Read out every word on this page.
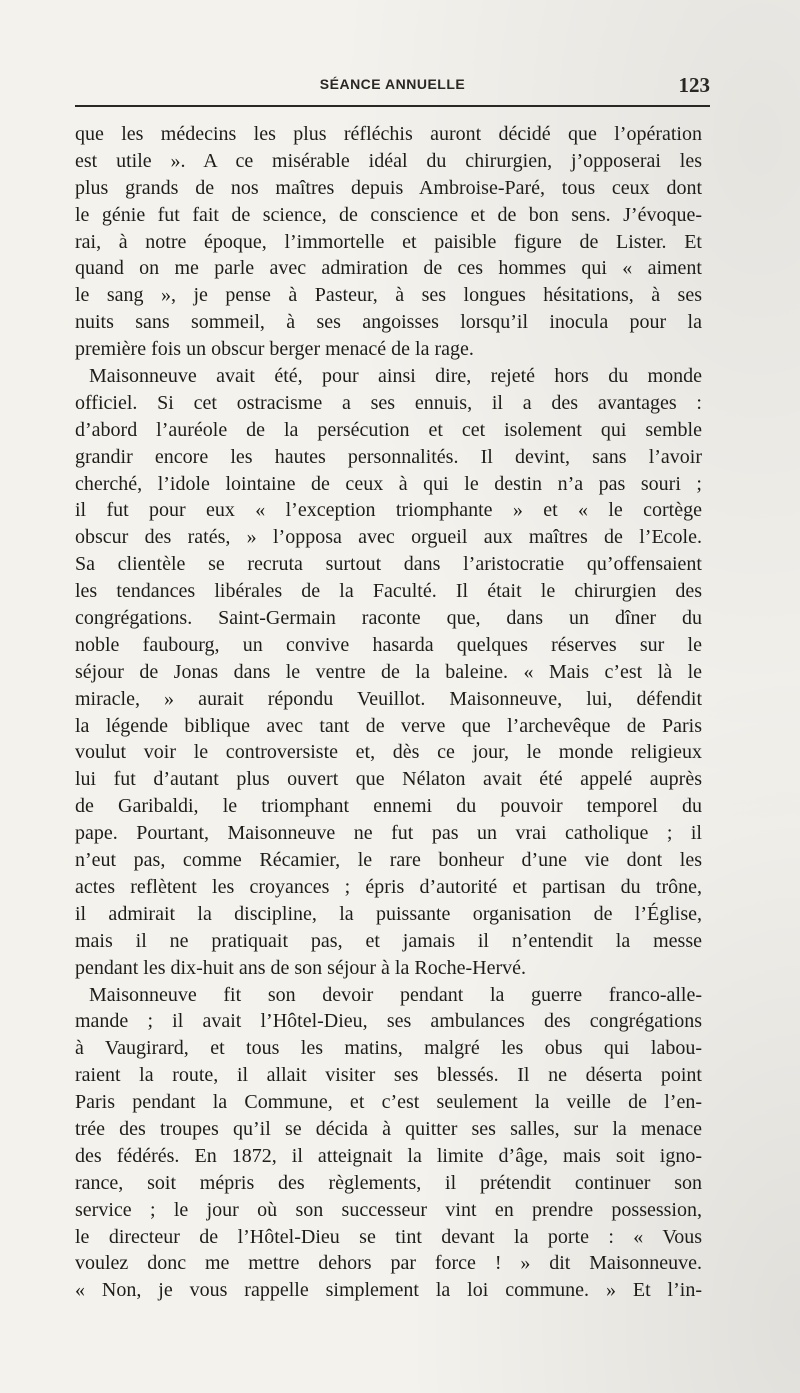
SÉANCE ANNUELLE	123
que les médecins les plus réfléchis auront décidé que l’opération
est utile ». A ce misérable idéal du chirurgien, j’opposerai les
plus grands de nos maîtres depuis Ambroise-Paré, tous ceux dont
le génie fut fait de science, de conscience et de bon sens. J’évoque-
rai, à notre époque, l’immortelle et paisible figure de Lister. Et
quand on me parle avec admiration de ces hommes qui « aiment
le sang », je pense à Pasteur, à ses longues hésitations, à ses
nuits sans sommeil, à ses angoisses lorsqu’il inocula pour la
première fois un obscur berger menacé de la rage.
Maisonneuve avait été, pour ainsi dire, rejeté hors du monde
officiel. Si cet ostracisme a ses ennuis, il a des avantages :
d’abord l’auréole de la persécution et cet isolement qui semble
grandir encore les hautes personnalités. Il devint, sans l’avoir
cherché, l’idole lointaine de ceux à qui le destin n’a pas souri ;
il fut pour eux « l’exception triomphante » et « le cortège
obscur des ratés, » l’opposa avec orgueil aux maîtres de l’Ecole.
Sa clientèle se recruta surtout dans l’aristocratie qu’offensaient
les tendances libérales de la Faculté. Il était le chirurgien des
congrégations. Saint-Germain raconte que, dans un dîner du
noble faubourg, un convive hasarda quelques réserves sur le
séjour de Jonas dans le ventre de la baleine. « Mais c’est là le
miracle, » aurait répondu Veuillot. Maisonneuve, lui, défendit
la légende biblique avec tant de verve que l’archevêque de Paris
voulut voir le controversiste et, dès ce jour, le monde religieux
lui fut d’autant plus ouvert que Nélaton avait été appelé auprès
de Garibaldi, le triomphant ennemi du pouvoir temporel du
pape. Pourtant, Maisonneuve ne fut pas un vrai catholique ; il
n’eut pas, comme Récamier, le rare bonheur d’une vie dont les
actes reflètent les croyances ; épris d’autorité et partisan du trône,
il admirait la discipline, la puissante organisation de l’Église,
mais il ne pratiquait pas, et jamais il n’entendit la messe
pendant les dix-huit ans de son séjour à la Roche-Hervé.
Maisonneuve fit son devoir pendant la guerre franco-alle-
mande ; il avait l’Hôtel-Dieu, ses ambulances des congrégations
à Vaugirard, et tous les matins, malgré les obus qui labou-
raient la route, il allait visiter ses blessés. Il ne déserta point
Paris pendant la Commune, et c’est seulement la veille de l’en-
trée des troupes qu’il se décida à quitter ses salles, sur la menace
des fédérés. En 1872, il atteignait la limite d’âge, mais soit igno-
rance, soit mépris des règlements, il prétendit continuer son
service ; le jour où son successeur vint en prendre possession,
le directeur de l’Hôtel-Dieu se tint devant la porte : « Vous
voulez donc me mettre dehors par force ! » dit Maisonneuve.
« Non, je vous rappelle simplement la loi commune. » Et l’in-
